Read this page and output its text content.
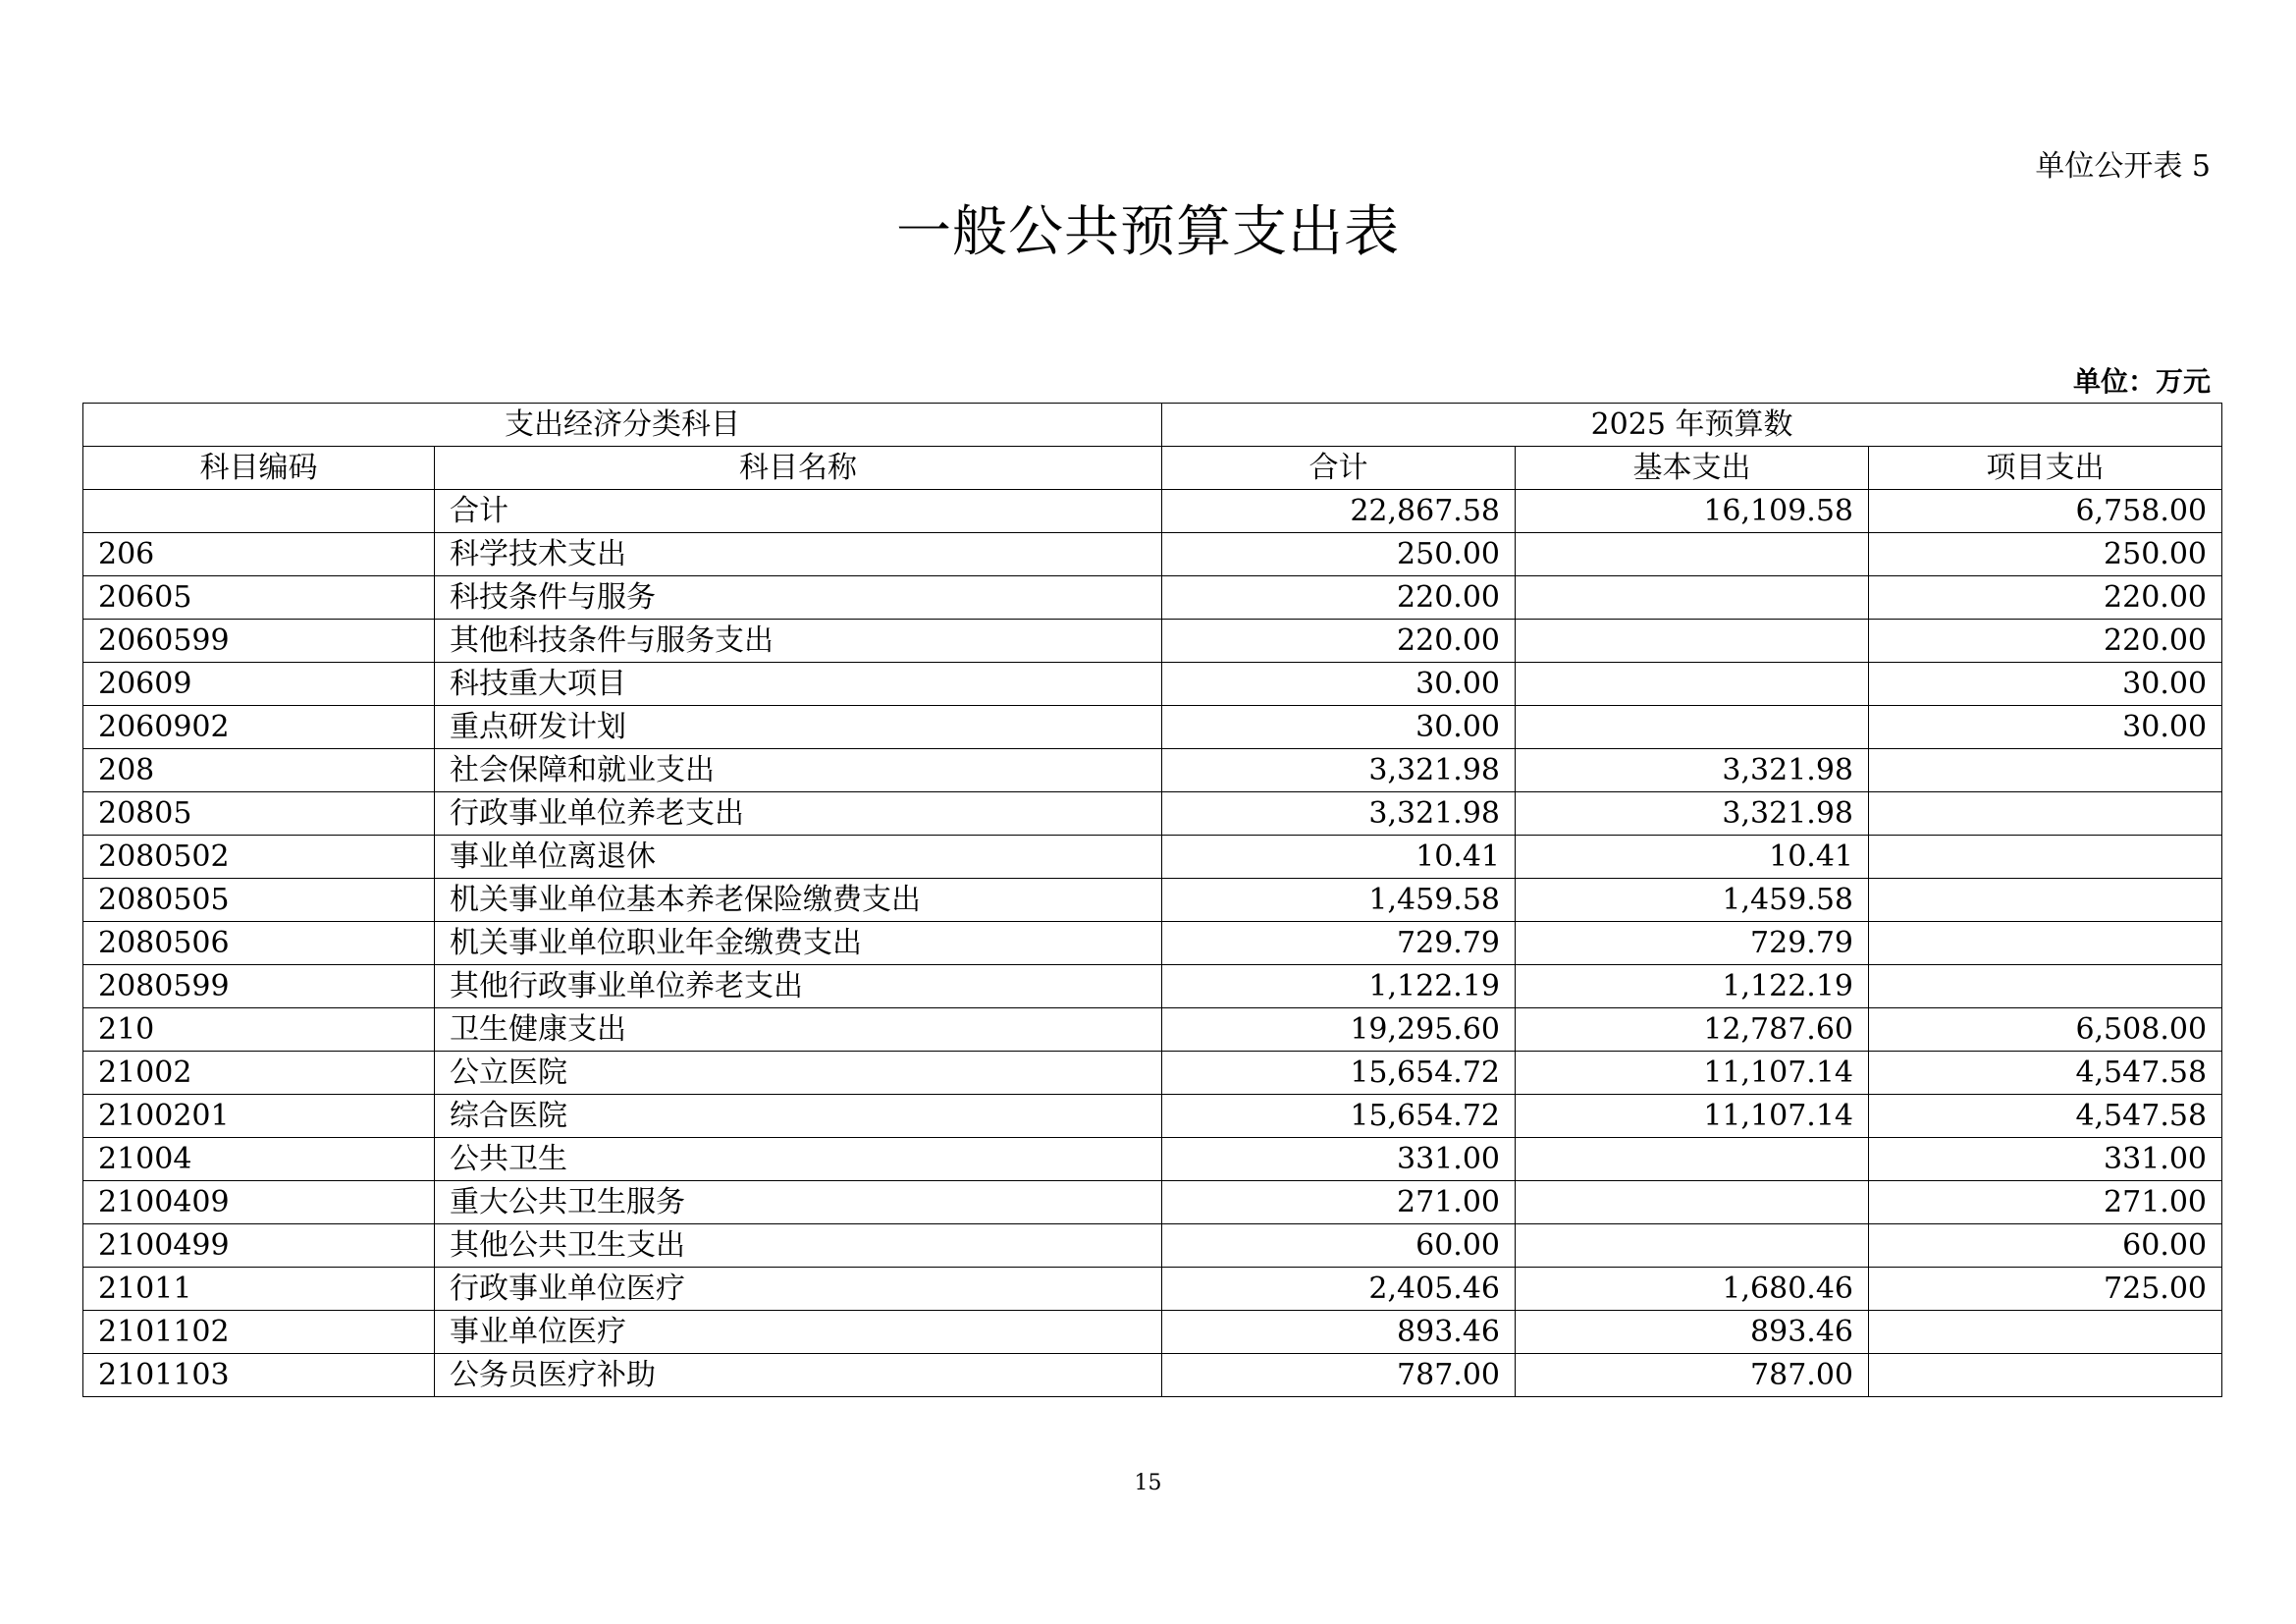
单位公开表 5
一般公共预算支出表
单位：万元
支出经济分类科目		2025 年预算数		
科目编码	科目名称	合计	基本支出	项目支出
	合计	22,867.58	16,109.58	6,758.00
206	科学技术支出	250.00		250.00
20605	科技条件与服务	220.00		220.00
2060599	其他科技条件与服务支出	220.00		220.00
20609	科技重大项目	30.00		30.00
2060902	重点研发计划	30.00		30.00
208	社会保障和就业支出	3,321.98	3,321.98	
20805	行政事业单位养老支出	3,321.98	3,321.98	
2080502	事业单位离退休	10.41	10.41	
2080505	机关事业单位基本养老保险缴费支出	1,459.58	1,459.58	
2080506	机关事业单位职业年金缴费支出	729.79	729.79	
2080599	其他行政事业单位养老支出	1,122.19	1,122.19	
210	卫生健康支出	19,295.60	12,787.60	6,508.00
21002	公立医院	15,654.72	11,107.14	4,547.58
2100201	综合医院	15,654.72	11,107.14	4,547.58
21004	公共卫生	331.00		331.00
2100409	重大公共卫生服务	271.00		271.00
2100499	其他公共卫生支出	60.00		60.00
21011	行政事业单位医疗	2,405.46	1,680.46	725.00
2101102	事业单位医疗	893.46	893.46	
2101103	公务员医疗补助	787.00	787.00	
15
